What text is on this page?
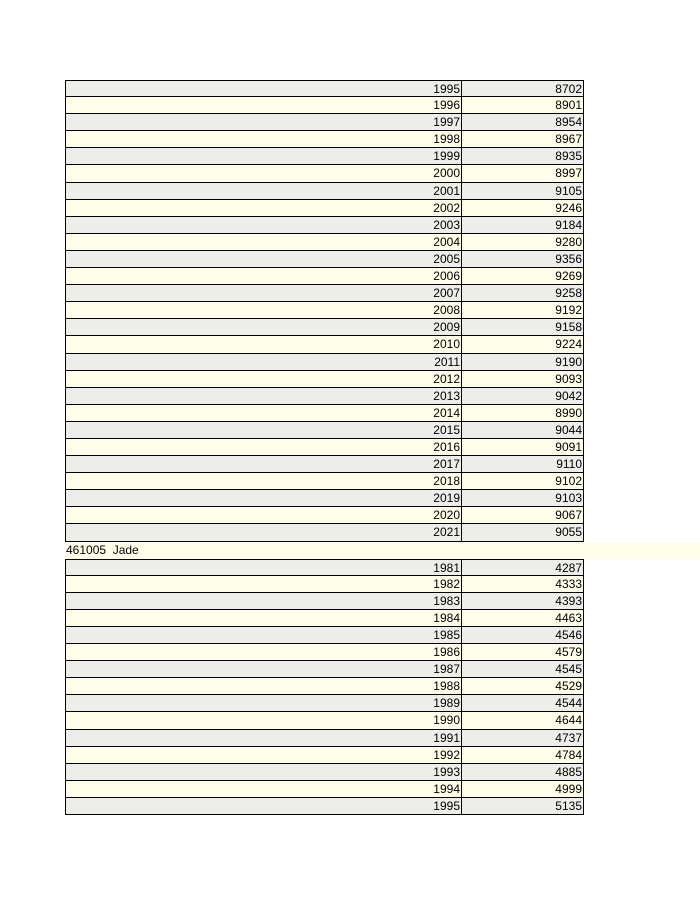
1995	8702
1996	8901
1997	8954
1998	8967
1999	8935
2000	8997
2001	9105
2002	9246
2003	9184
2004	9280
2005	9356
2006	9269
2007	9258
2008	9192
2009	9158
2010	9224
2011	9190
2012	9093
2013	9042
2014	8990
2015	9044
2016	9091
2017	9110
2018	9102
2019	9103
2020	9067
2021	9055
461005  Jade
1981	4287
1982	4333
1983	4393
1984	4463
1985	4546
1986	4579
1987	4545
1988	4529
1989	4544
1990	4644
1991	4737
1992	4784
1993	4885
1994	4999
1995	5135
